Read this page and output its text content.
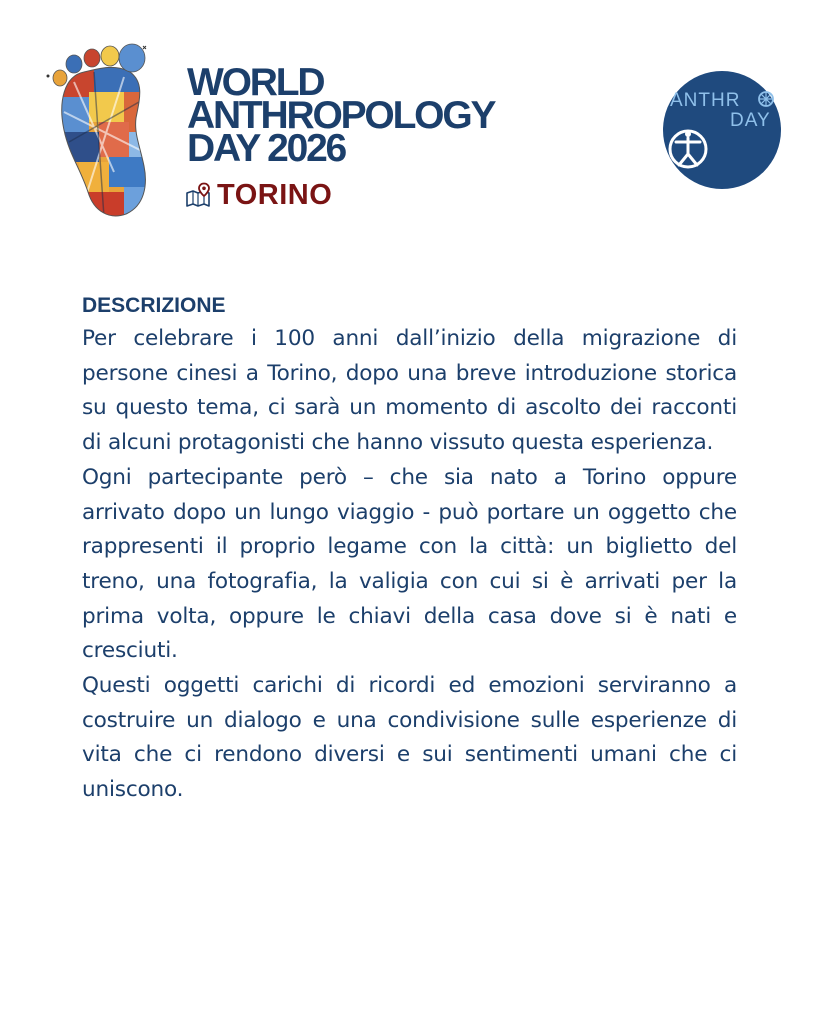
WORLD
ANTHROPOLOGY
DAY 2026
TORINO
ANTHR
DAY
DESCRIZIONE

Per celebrare i 100 anni dall’inizio della migrazione di persone cinesi a Torino, dopo una breve introduzione storica su questo tema, ci sarà un momento di ascolto dei racconti di alcuni protagonisti che hanno vissuto questa esperienza.

Ogni partecipante però – che sia nato a Torino oppure arrivato dopo un lungo viaggio - può portare un oggetto che rappresenti il proprio legame con la città: un biglietto del treno, una fotografia, la valigia con cui si è arrivati per la prima volta, oppure le chiavi della casa dove si è nati e cresciuti.

Questi oggetti carichi di ricordi ed emozioni serviranno a costruire un dialogo e una condivisione sulle esperienze di vita che ci rendono diversi e sui sentimenti umani che ci uniscono.
